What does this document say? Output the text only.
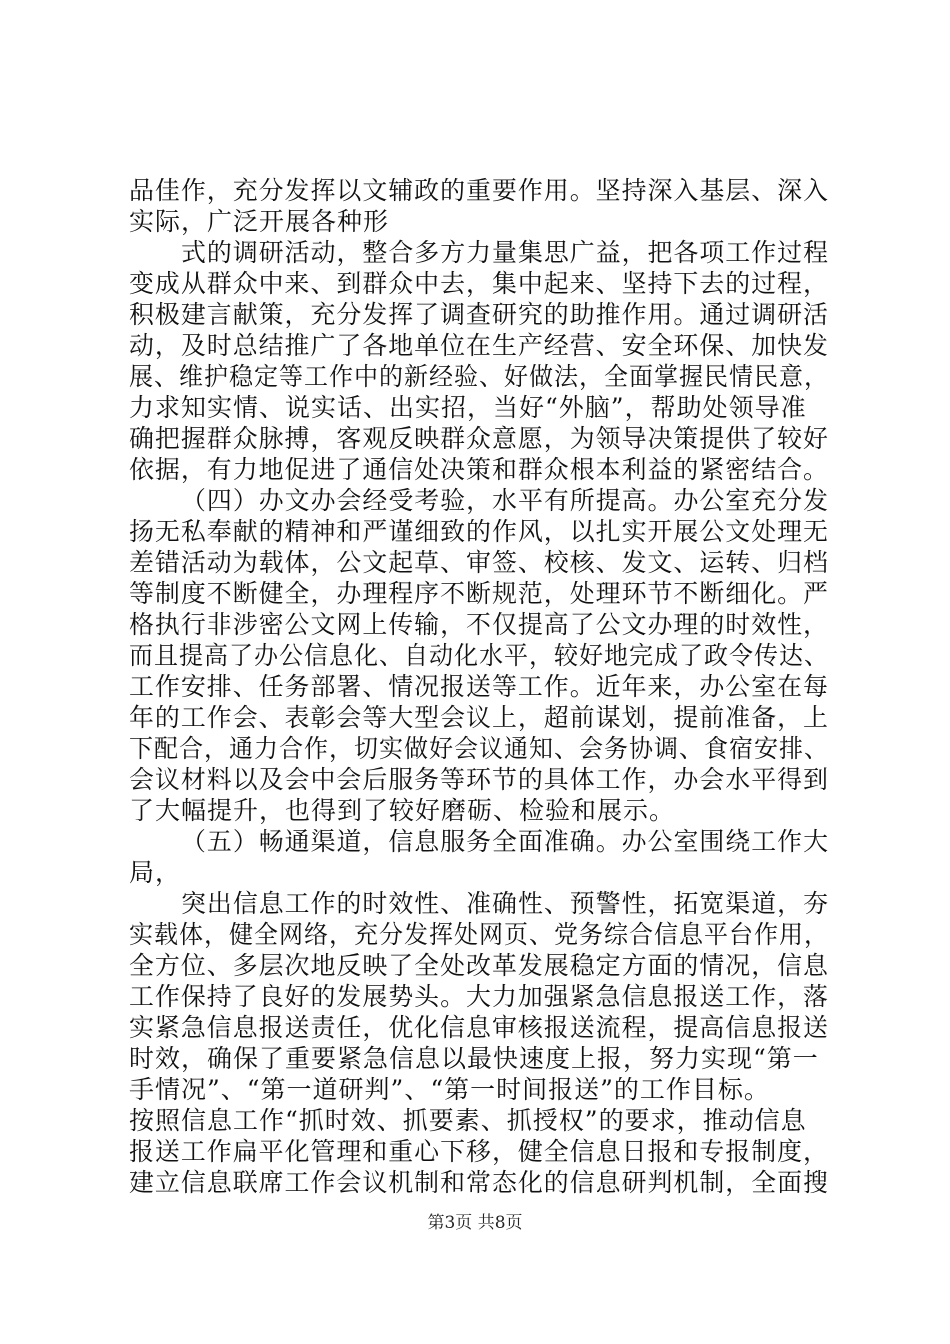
品佳作，充分发挥以文辅政的重要作用。坚持深入基层、深入
实际，广泛开展各种形
式的调研活动，整合多方力量集思广益，把各项工作过程
变成从群众中来、到群众中去，集中起来、坚持下去的过程，
积极建言献策，充分发挥了调查研究的助推作用。通过调研活
动，及时总结推广了各地单位在生产经营、安全环保、加快发
展、维护稳定等工作中的新经验、好做法，全面掌握民情民意，
力求知实情、说实话、出实招，当好“外脑”，帮助处领导准
确把握群众脉搏，客观反映群众意愿，为领导决策提供了较好
依据，有力地促进了通信处决策和群众根本利益的紧密结合。
（四）办文办会经受考验，水平有所提高。办公室充分发
扬无私奉献的精神和严谨细致的作风，以扎实开展公文处理无
差错活动为载体，公文起草、审签、校核、发文、运转、归档
等制度不断健全，办理程序不断规范，处理环节不断细化。严
格执行非涉密公文网上传输，不仅提高了公文办理的时效性，
而且提高了办公信息化、自动化水平，较好地完成了政令传达、
工作安排、任务部署、情况报送等工作。近年来，办公室在每
年的工作会、表彰会等大型会议上，超前谋划，提前准备，上
下配合，通力合作，切实做好会议通知、会务协调、食宿安排、
会议材料以及会中会后服务等环节的具体工作，办会水平得到
了大幅提升，也得到了较好磨砺、检验和展示。
（五）畅通渠道，信息服务全面准确。办公室围绕工作大
局，
突出信息工作的时效性、准确性、预警性，拓宽渠道，夯
实载体，健全网络，充分发挥处网页、党务综合信息平台作用，
全方位、多层次地反映了全处改革发展稳定方面的情况，信息
工作保持了良好的发展势头。大力加强紧急信息报送工作，落
实紧急信息报送责任，优化信息审核报送流程，提高信息报送
时效，确保了重要紧急信息以最快速度上报，努力实现“第一
手情况”、“第一道研判”、“第一时间报送”的工作目标。
按照信息工作“抓时效、抓要素、抓授权”的要求，推动信息
报送工作扁平化管理和重心下移，健全信息日报和专报制度，
建立信息联席工作会议机制和常态化的信息研判机制，全面搜
第3页 共8页
